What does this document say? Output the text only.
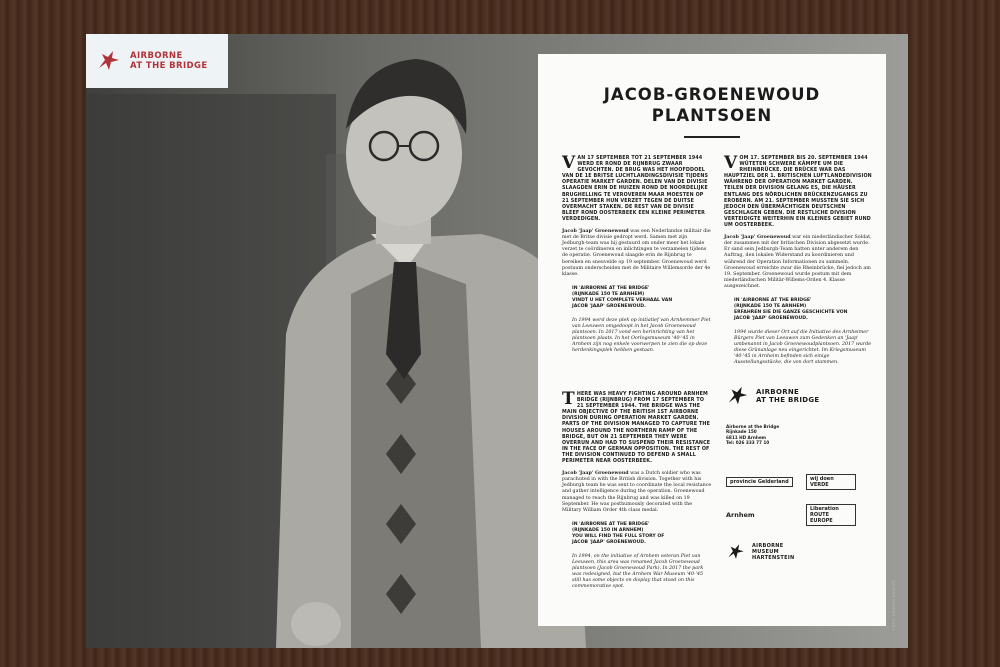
AIRBORNE
AT THE BRIDGE
JACOB-GROENEWOUD
PLANTSOEN
VAN 17 SEPTEMBER TOT 21 SEPTEMBER 1944 WERD ER ROND DE RIJNBRUG ZWAAR GEVOCHTEN. DE BRUG WAS HET HOOFDDOEL VAN DE 1E BRITSE LUCHTLANDINGSDIVISIE TIJDENS OPERATIE MARKET GARDEN. DELEN VAN DE DIVISIE SLAAGDEN ERIN DE HUIZEN ROND DE NOORDELIJKE BRUGHELLING TE VEROVEREN MAAR MOESTEN OP 21 SEPTEMBER HUN VERZET TEGEN DE DUITSE OVERMACHT STAKEN. DE REST VAN DE DIVISIE BLEEF ROND OOSTERBEEK EEN KLEINE PERIMETER VERDEDIGEN.

Jacob 'Jaap' Groenewoud was een Nederlandse militair die met de Britse divisie gedropt werd. Samen met zijn Jedburgh-team was hij gestuurd om onder meer het lokale verzet te coördineren en inlichtingen te verzamelen tijdens de operatie. Groenewoud slaagde erin de Rijnbrug te bereiken en sneuvelde op 19 september. Groenewoud werd postuum onderscheiden met de Militaire Willemsorde der 4e klasse.

IN 'AIRBORNE AT THE BRIDGE'
(RIJNKADE 150 TE ARNHEM)
VINDT U HET COMPLETE VERHAAL VAN
JACOB 'JAAP' GROENEWOUD.
In 1994 werd deze plek op initiatief van Arnhemmer Piet van Leeuwen omgedoopt in het Jacob Groenewoud plantsoen. In 2017 vond een herinrichting van het plantsoen plaats. In het Oorlogsmuseum '40-'45 in Arnhem zijn nog enkele voorwerpen te zien die op deze herdenkingsplek hebben gestaan.
VOM 17. SEPTEMBER BIS 20. SEPTEMBER 1944 WÜTETEN SCHWERE KÄMPFE UM DIE RHEINBRÜCKE. DIE BRÜCKE WAR DAS HAUPTZIEL DER 1. BRITISCHEN LUFTLANDEDIVISION WÄHREND DER OPERATION MARKET GARDEN. TEILEN DER DIVISION GELANG ES, DIE HÄUSER ENTLANG DES NÖRDLICHEN BRÜCKENZUGANGS ZU EROBERN. AM 21. SEPTEMBER MUSSTEN SIE SICH JEDOCH DEN ÜBERMÄCHTIGEN DEUTSCHEN GESCHLAGEN GEBEN. DIE RESTLICHE DIVISION VERTEIDIGTE WEITERHIN EIN KLEINES GEBIET RUND UM OOSTERBEEK.

Jacob 'Jaap' Groenewoud war ein niederländischer Soldat, der zusammen mit der britischen Division abgesetzt wurde. Er sand sein Jedburgh-Team hatten unter anderem den Auftrag, den lokalen Widerstand zu koordinieren und während der Operation Informationen zu sammeln. Groenewoud erreichte zwar die Rheinbrücke, fiel jedoch am 19. September. Groenewoud wurde postum mit dem niederländischen Militär-Willems-Orden 4. Klasse ausgezeichnet.

IN 'AIRBORNE AT THE BRIDGE'
(RIJNKADE 150 TE ARNHEM)
ERFAHREN SIE DIE GANZE GESCHICHTE VON
JACOB 'JAAP' GROENEWOUD.
1994 wurde dieser Ort auf die Initiative des Arnheimer Bürgers Piet van Leeuwen zum Gedenken an 'Jaap' umbenannt in Jacob Groenewoudplantsoen. 2017 wurde diese Grünanlage neu eingerichtet. Im Kriegsmuseum '40-'45 in Arnheim befinden sich einige Ausstellungsstücke, die von dort stammen.
THERE WAS HEAVY FIGHTING AROUND ARNHEM BRIDGE (RIJNBRUG) FROM 17 SEPTEMBER TO 21 SEPTEMBER 1944. THE BRIDGE WAS THE MAIN OBJECTIVE OF THE BRITISH 1ST AIRBORNE DIVISION DURING OPERATION MARKET GARDEN. PARTS OF THE DIVISION MANAGED TO CAPTURE THE HOUSES AROUND THE NORTHERN RAMP OF THE BRIDGE, BUT ON 21 SEPTEMBER THEY WERE OVERRUN AND HAD TO SUSPEND THEIR RESISTANCE IN THE FACE OF GERMAN OPPOSITION. THE REST OF THE DIVISION CONTINUED TO DEFEND A SMALL PERIMETER NEAR OOSTERBEEK.

Jacob 'Jaap' Groenewoud was a Dutch soldier who was parachuted in with the British division. Together with his Jedburgh team he was sent to coordinate the local resistance and gather intelligence during the operation. Groenewoud managed to reach the Rijnbrug and was killed on 19 September. He was posthumously decorated with the Military William Order 4th class medal.

IN 'AIRBORNE AT THE BRIDGE'
(RIJNKADE 150 IN ARNHEM)
YOU WILL FIND THE FULL STORY OF
JACOB 'JAAP' GROENEWOUD.
In 1994, on the initiative of Arnhem veteran Piet van Leeuwen, this area was renamed Jacob Groenewoud plantsoen (Jacob Groenewoud Park). In 2017 the park was redesigned, but the Arnhem War Museum '40-'45 still has some objects on display that stood on this commemorative spot.
AIRBORNE
AT THE BRIDGE
Airborne at the Bridge
Rijnkade 150
6811 HD Arnhem
Tel: 026 333 77 10
provincie Gelderland	wij doen VERDE
Arnhem
Liberation ROUTE EUROPE
AIRBORNE
MUSEUM
HARTENSTEIN
FOTO: ARNHEM MUSEUM
